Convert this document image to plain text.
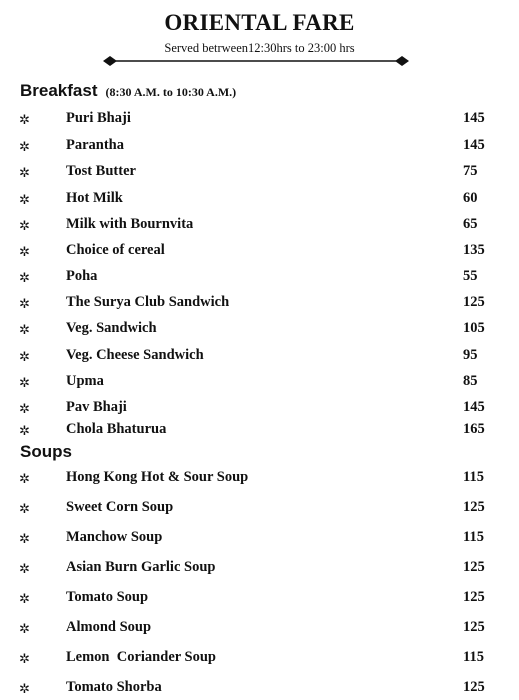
ORIENTAL FARE
Served betrween12:30hrs to 23:00 hrs
Breakfast (8:30 A.M. to 10:30 A.M.)
✲ Puri Bhaji	145
✲ Parantha	145
✲ Tost Butter	75
✲ Hot Milk	60
✲ Milk with Bournvita	65
✲ Choice of cereal	135
✲ Poha	55
✲ The Surya Club Sandwich	125
✲ Veg. Sandwich	105
✲ Veg. Cheese Sandwich	95
✲ Upma	85
✲ Pav Bhaji	145
✲ Chola Bhaturua	165
Soups
✲ Hong Kong Hot & Sour Soup	115
✲ Sweet Corn Soup	125
✲ Manchow Soup	115
✲ Asian Burn Garlic Soup	125
✲ Tomato Soup	125
✲ Almond Soup	125
✲ Lemon  Coriander Soup	115
✲ Tomato Shorba	125
